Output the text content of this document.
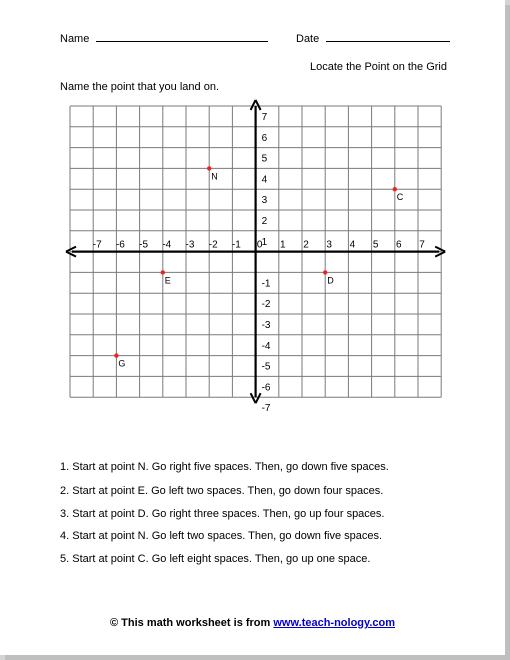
Name	Date
Locate the Point on the Grid
Name the point that you land on.
-7 -6 -5 -4 -3 -2 -1 0 1 2 3 4 5 6 7
7
6
5
4
3
2
1
-1
-2
-3
-4
-5
-6
-7
N
C
E	D
G
1. Start at point N. Go right five spaces. Then, go down five spaces.
2. Start at point E. Go left two spaces. Then, go down four spaces.
3. Start at point D. Go right three spaces. Then, go up four spaces.
4. Start at point N. Go left two spaces. Then, go down five spaces.
5. Start at point C. Go left eight spaces. Then, go up one space.
© This math worksheet is from www.teach-nology.com
